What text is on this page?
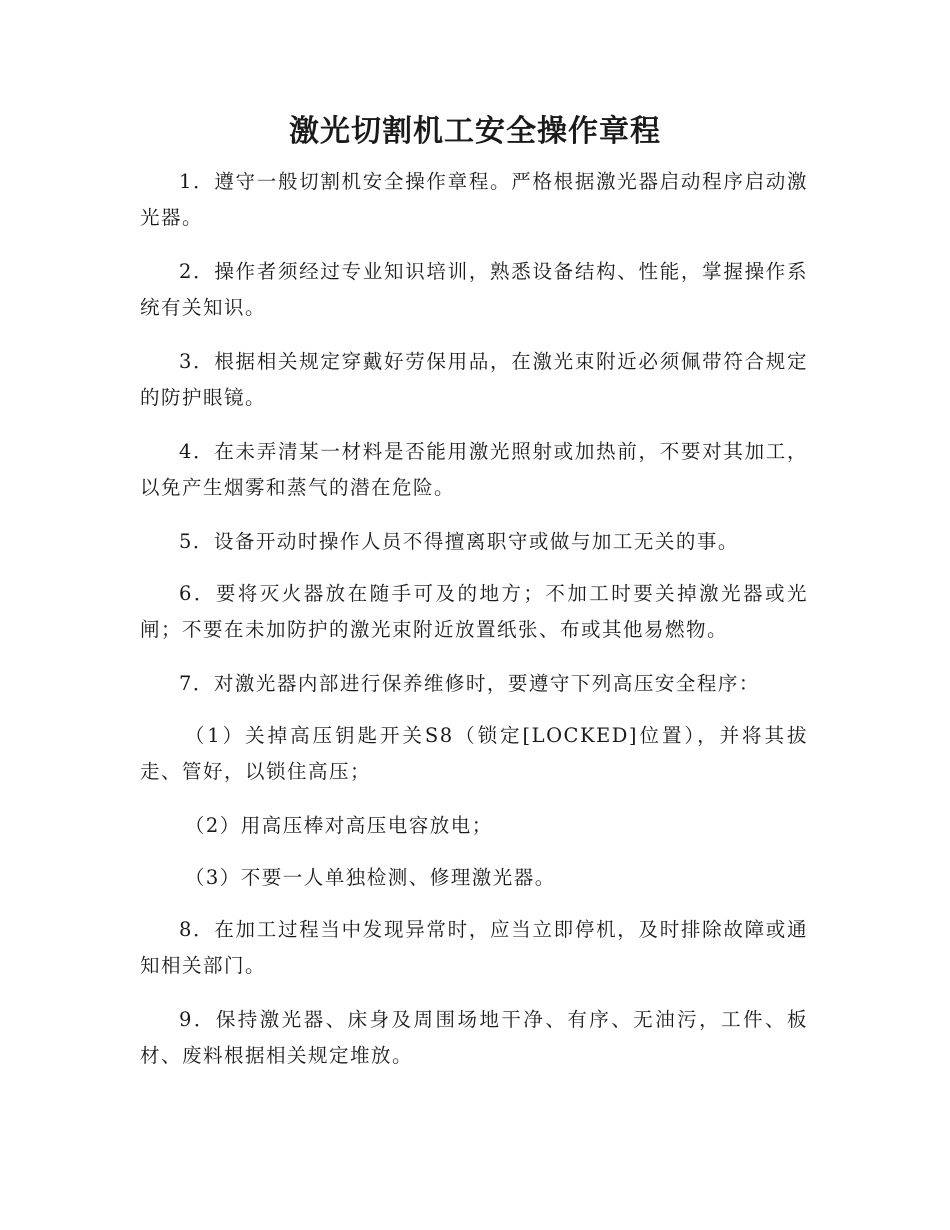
激光切割机工安全操作章程

1．遵守一般切割机安全操作章程。严格根据激光器启动程序启动激光器。

2．操作者须经过专业知识培训，熟悉设备结构、性能，掌握操作系统有关知识。

3．根据相关规定穿戴好劳保用品，在激光束附近必须佩带符合规定的防护眼镜。

4．在未弄清某一材料是否能用激光照射或加热前，不要对其加工，以免产生烟雾和蒸气的潜在危险。

5．设备开动时操作人员不得擅离职守或做与加工无关的事。

6．要将灭火器放在随手可及的地方；不加工时要关掉激光器或光闸；不要在未加防护的激光束附近放置纸张、布或其他易燃物。

7．对激光器内部进行保养维修时，要遵守下列高压安全程序：

（1）关掉高压钥匙开关S8（锁定[LOCKED]位置），并将其拔走、管好，以锁住高压；

（2）用高压棒对高压电容放电；

（3）不要一人单独检测、修理激光器。

8．在加工过程当中发现异常时，应当立即停机，及时排除故障或通知相关部门。

9．保持激光器、床身及周围场地干净、有序、无油污，工件、板材、废料根据相关规定堆放。
